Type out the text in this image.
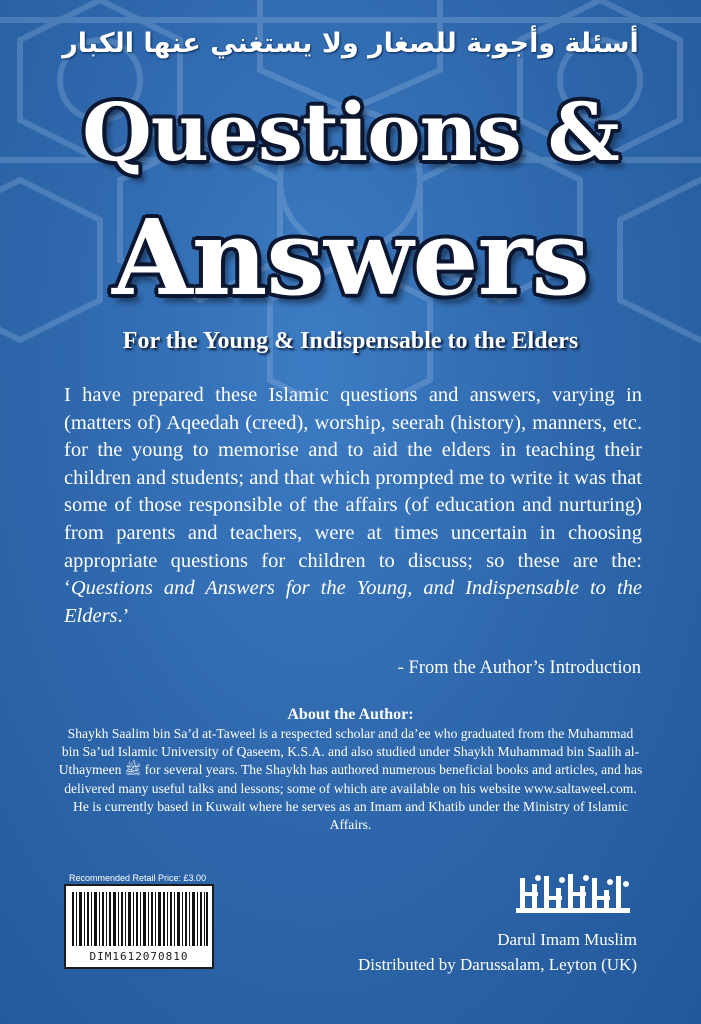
أسئلة وأجوبة للصغار ولا يستغني عنها الكبار
Questions &
Answers
For the Young & Indispensable to the Elders
I have prepared these Islamic questions and answers, varying in (matters of) Aqeedah (creed), worship, seerah (history), manners, etc. for the young to memorise and to aid the elders in teaching their children and students; and that which prompted me to write it was that some of those responsible of the affairs (of education and nurturing) from parents and teachers, were at times uncertain in choosing appropriate questions for children to discuss; so these are the: ‘Questions and Answers for the Young, and Indispensable to the Elders.’
- From the Author’s Introduction
About the Author:
Shaykh Saalim bin Sa’d at-Taweel is a respected scholar and da’ee who graduated from the Muhammad bin Sa’ud Islamic University of Qaseem, K.S.A. and also studied under Shaykh Muhammad bin Saalih al-Uthaymeen ﷺ for several years. The Shaykh has authored numerous beneficial books and articles, and has delivered many useful talks and lessons; some of which are available on his website www.saltaweel.com. He is currently based in Kuwait where he serves as an Imam and Khatib under the Ministry of Islamic Affairs.
Recommended Retail Price: £3.00
DIM1612070810
Darul Imam Muslim
Distributed by Darussalam, Leyton (UK)
